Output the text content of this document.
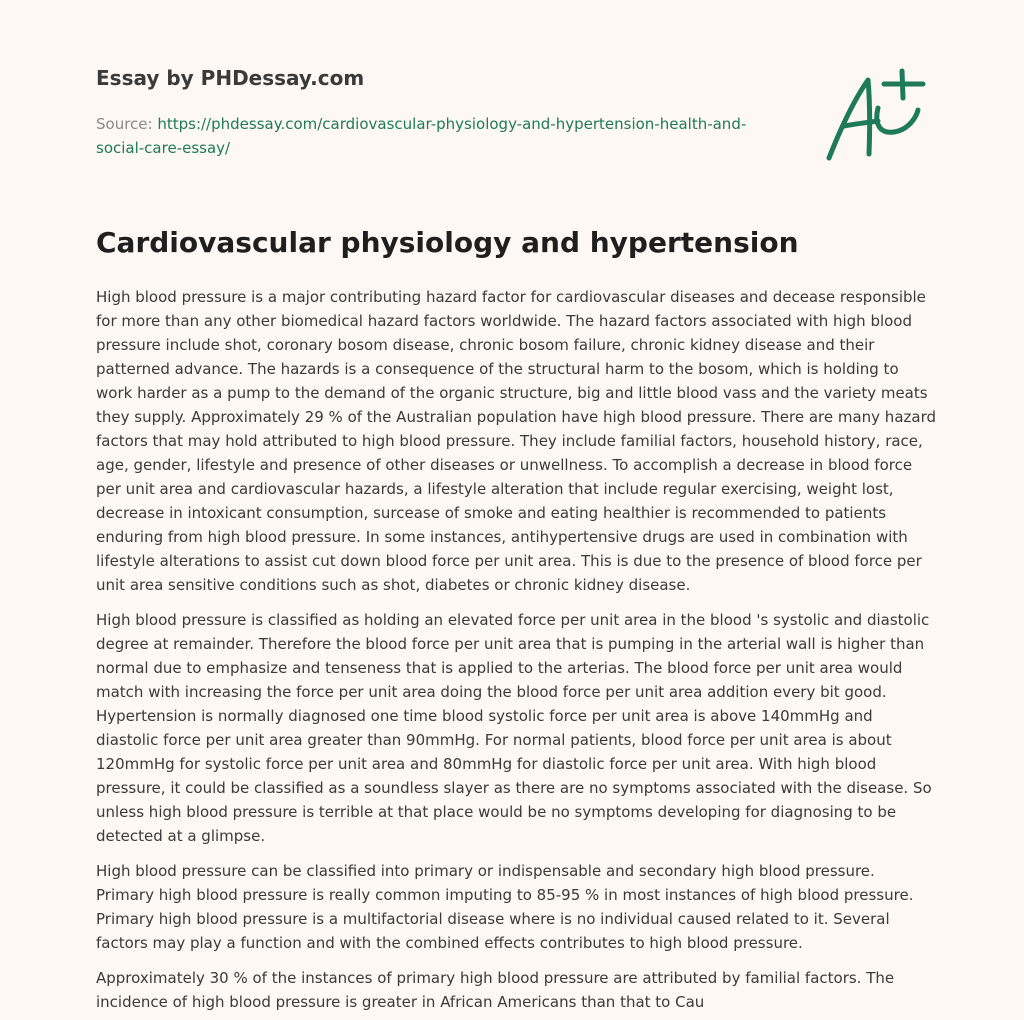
Essay by PHDessay.com
Source: https://phdessay.com/cardiovascular-physiology-and-hypertension-health-and-social-care-essay/
Cardiovascular physiology and hypertension

High blood pressure is a major contributing hazard factor for cardiovascular diseases and decease responsible for more than any other biomedical hazard factors worldwide. The hazard factors associated with high blood pressure include shot, coronary bosom disease, chronic bosom failure, chronic kidney disease and their patterned advance. The hazards is a consequence of the structural harm to the bosom, which is holding to work harder as a pump to the demand of the organic structure, big and little blood vass and the variety meats they supply. Approximately 29 % of the Australian population have high blood pressure. There are many hazard factors that may hold attributed to high blood pressure. They include familial factors, household history, race, age, gender, lifestyle and presence of other diseases or unwellness. To accomplish a decrease in blood force per unit area and cardiovascular hazards, a lifestyle alteration that include regular exercising, weight lost, decrease in intoxicant consumption, surcease of smoke and eating healthier is recommended to patients enduring from high blood pressure. In some instances, antihypertensive drugs are used in combination with lifestyle alterations to assist cut down blood force per unit area. This is due to the presence of blood force per unit area sensitive conditions such as shot, diabetes or chronic kidney disease.

High blood pressure is classified as holding an elevated force per unit area in the blood 's systolic and diastolic degree at remainder. Therefore the blood force per unit area that is pumping in the arterial wall is higher than normal due to emphasize and tenseness that is applied to the arterias. The blood force per unit area would match with increasing the force per unit area doing the blood force per unit area addition every bit good. Hypertension is normally diagnosed one time blood systolic force per unit area is above 140mmHg and diastolic force per unit area greater than 90mmHg. For normal patients, blood force per unit area is about 120mmHg for systolic force per unit area and 80mmHg for diastolic force per unit area. With high blood pressure, it could be classified as a soundless slayer as there are no symptoms associated with the disease. So unless high blood pressure is terrible at that place would be no symptoms developing for diagnosing to be detected at a glimpse.

High blood pressure can be classified into primary or indispensable and secondary high blood pressure. Primary high blood pressure is really common imputing to 85-95 % in most instances of high blood pressure. Primary high blood pressure is a multifactorial disease where is no individual caused related to it. Several factors may play a function and with the combined effects contributes to high blood pressure.

Approximately 30 % of the instances of primary high blood pressure are attributed by familial factors. The incidence of high blood pressure is greater in African Americans than that to Cau
